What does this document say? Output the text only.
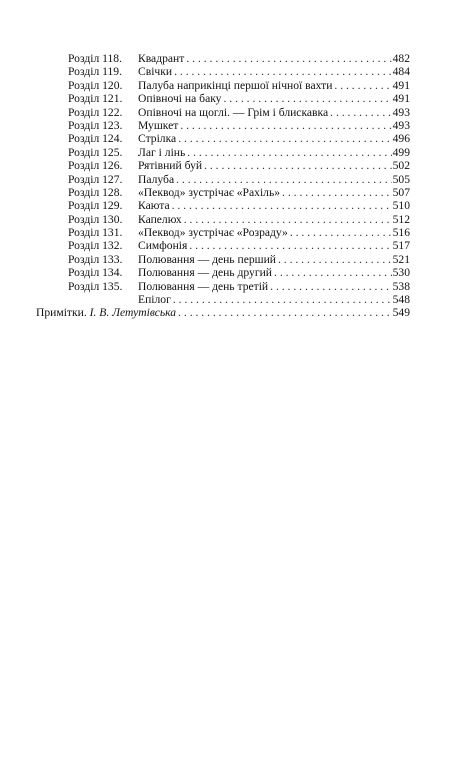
Розділ 118.	Квадрант . . .	482
Розділ 119.	Свічки . . .	484
Розділ 120.	Палуба наприкінці першої нічної вахти . . .	491
Розділ 121.	Опівночі на баку . . .	491
Розділ 122.	Опівночі на щоглі. — Грім і блискавка . . .	493
Розділ 123.	Мушкет . . .	493
Розділ 124.	Стрілка . . .	496
Розділ 125.	Лаг і лінь . . .	499
Розділ 126.	Рятівний буй . . .	502
Розділ 127.	Палуба . . .	505
Розділ 128.	«Пеквод» зустрічає «Рахіль» . . .	507
Розділ 129.	Каюта . . .	510
Розділ 130.	Капелюх . . .	512
Розділ 131.	«Пеквод» зустрічає «Розраду» . . .	516
Розділ 132.	Симфонія . . .	517
Розділ 133.	Полювання — день перший . . .	521
Розділ 134.	Полювання — день другий . . .	530
Розділ 135.	Полювання — день третій . . .	538
Епілог . . .	548
Примітки. І. В. Летутівська . . .	549
